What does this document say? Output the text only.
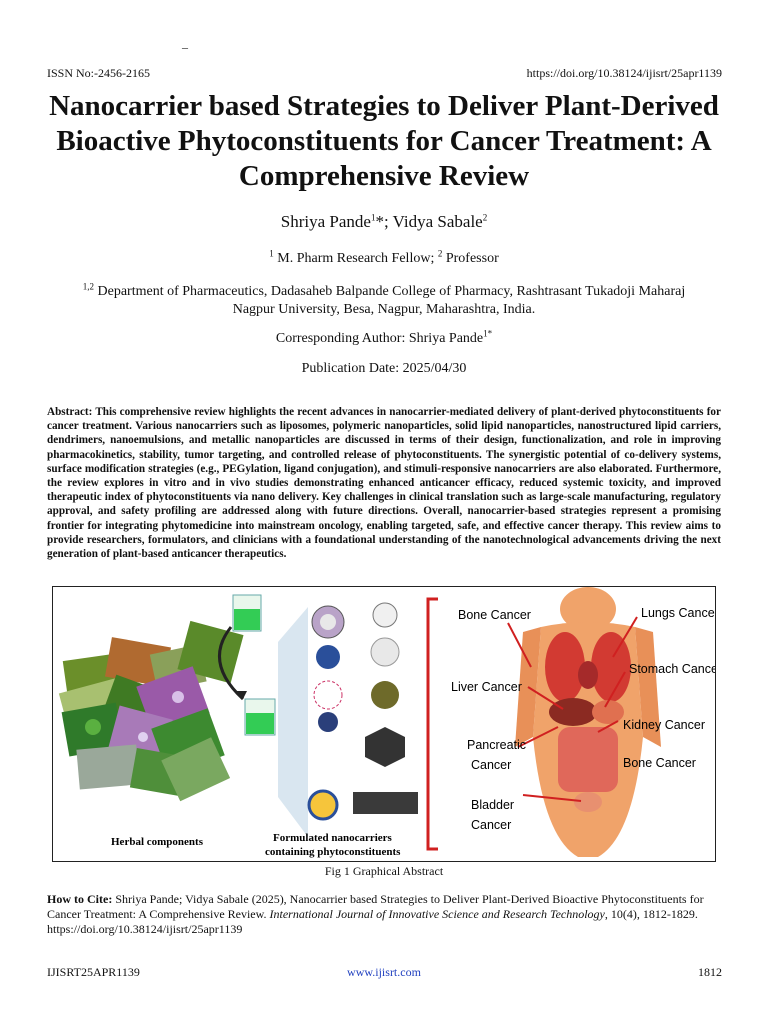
–
ISSN No:-2456-2165	https://doi.org/10.38124/ijisrt/25apr1139
Nanocarrier based Strategies to Deliver Plant-Derived Bioactive Phytoconstituents for Cancer Treatment: A Comprehensive Review
Shriya Pande$^1$*; Vidya Sabale$^2$
$^1$ M. Pharm Research Fellow; $^2$ Professor
$^{1,2}$ Department of Pharmaceutics, Dadasaheb Balpande College of Pharmacy, Rashtrasant Tukadoji Maharaj
Nagpur University, Besa, Nagpur, Maharashtra, India.
Corresponding Author: Shriya Pande$^{1*}$
Publication Date: 2025/04/30
Abstract: This comprehensive review highlights the recent advances in nanocarrier-mediated delivery of plant-derived phytoconstituents for cancer treatment. Various nanocarriers such as liposomes, polymeric nanoparticles, solid lipid nanoparticles, nanostructured lipid carriers, dendrimers, nanoemulsions, and metallic nanoparticles are discussed in terms of their design, functionalization, and role in improving pharmacokinetics, stability, tumor targeting, and controlled release of phytoconstituents. The synergistic potential of co-delivery systems, surface modification strategies (e.g., PEGylation, ligand conjugation), and stimuli-responsive nanocarriers are also elaborated. Furthermore, the review explores in vitro and in vivo studies demonstrating enhanced anticancer efficacy, reduced systemic toxicity, and improved therapeutic index of phytoconstituents via nano delivery. Key challenges in clinical translation such as large-scale manufacturing, regulatory approval, and safety profiling are addressed along with future directions. Overall, nanocarrier-based strategies represent a promising frontier for integrating phytomedicine into mainstream oncology, enabling targeted, safe, and effective cancer therapy. This review aims to provide researchers, formulators, and clinicians with a foundational understanding of the nanotechnological advancements driving the next generation of plant-based anticancer therapeutics.
Bone Cancer	Lungs Cancer
Stomach Cancer
Liver Cancer
Kidney Cancer
Pancreatic
Cancer	Bone Cancer
Bladder
Cancer
Herbal components	Formulated nanocarriers
containing phytoconstituents
Fig 1 Graphical Abstract
How to Cite: Shriya Pande; Vidya Sabale (2025), Nanocarrier based Strategies to Deliver Plant-Derived Bioactive Phytoconstituents for Cancer Treatment: A Comprehensive Review. International Journal of Innovative Science and Research Technology, 10(4), 1812-1829. https://doi.org/10.38124/ijisrt/25apr1139
IJISRT25APR1139	www.ijisrt.com	1812
